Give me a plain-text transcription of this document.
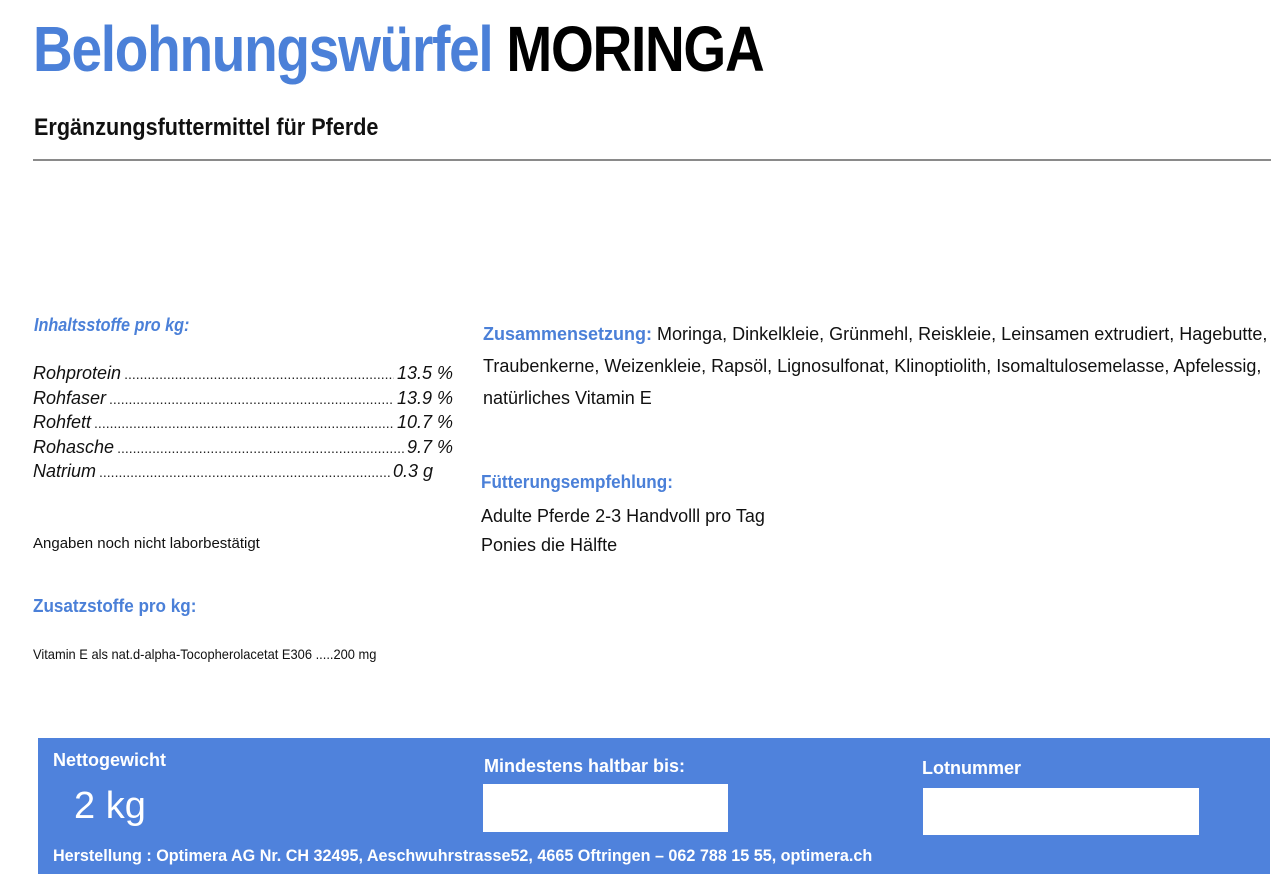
Belohnungswürfel MORINGA
Ergänzungsfuttermittel für Pferde
Inhaltsstoffe pro kg:
Rohprotein .....	13.5 %
Rohfaser .....	13.9 %
Rohfett .....	10.7 %
Rohasche .....	9.7 %
Natrium .....	0.3 g
Angaben noch nicht laborbestätigt
Zusatzstoffe pro kg:
Vitamin E als nat.d-alpha-Tocopherolacetat E306 .....200 mg
Zusammensetzung: Moringa, Dinkelkleie, Grünmehl, Reiskleie, Leinsamen extrudiert, Hagebutte, Traubenkerne, Weizenkleie, Rapsöl, Lignosulfonat, Klinoptiolith, Isomaltulosemelasse, Apfelessig, natürliches Vitamin E
Fütterungsempfehlung:
Adulte Pferde 2-3 Handvolll pro Tag
Ponies die Hälfte
Nettogewicht
2 kg
Mindestens haltbar bis:	Lotnummer
Herstellung : Optimera AG Nr. CH 32495, Aeschwuhrstrasse52, 4665 Oftringen – 062 788 15 55, optimera.ch
